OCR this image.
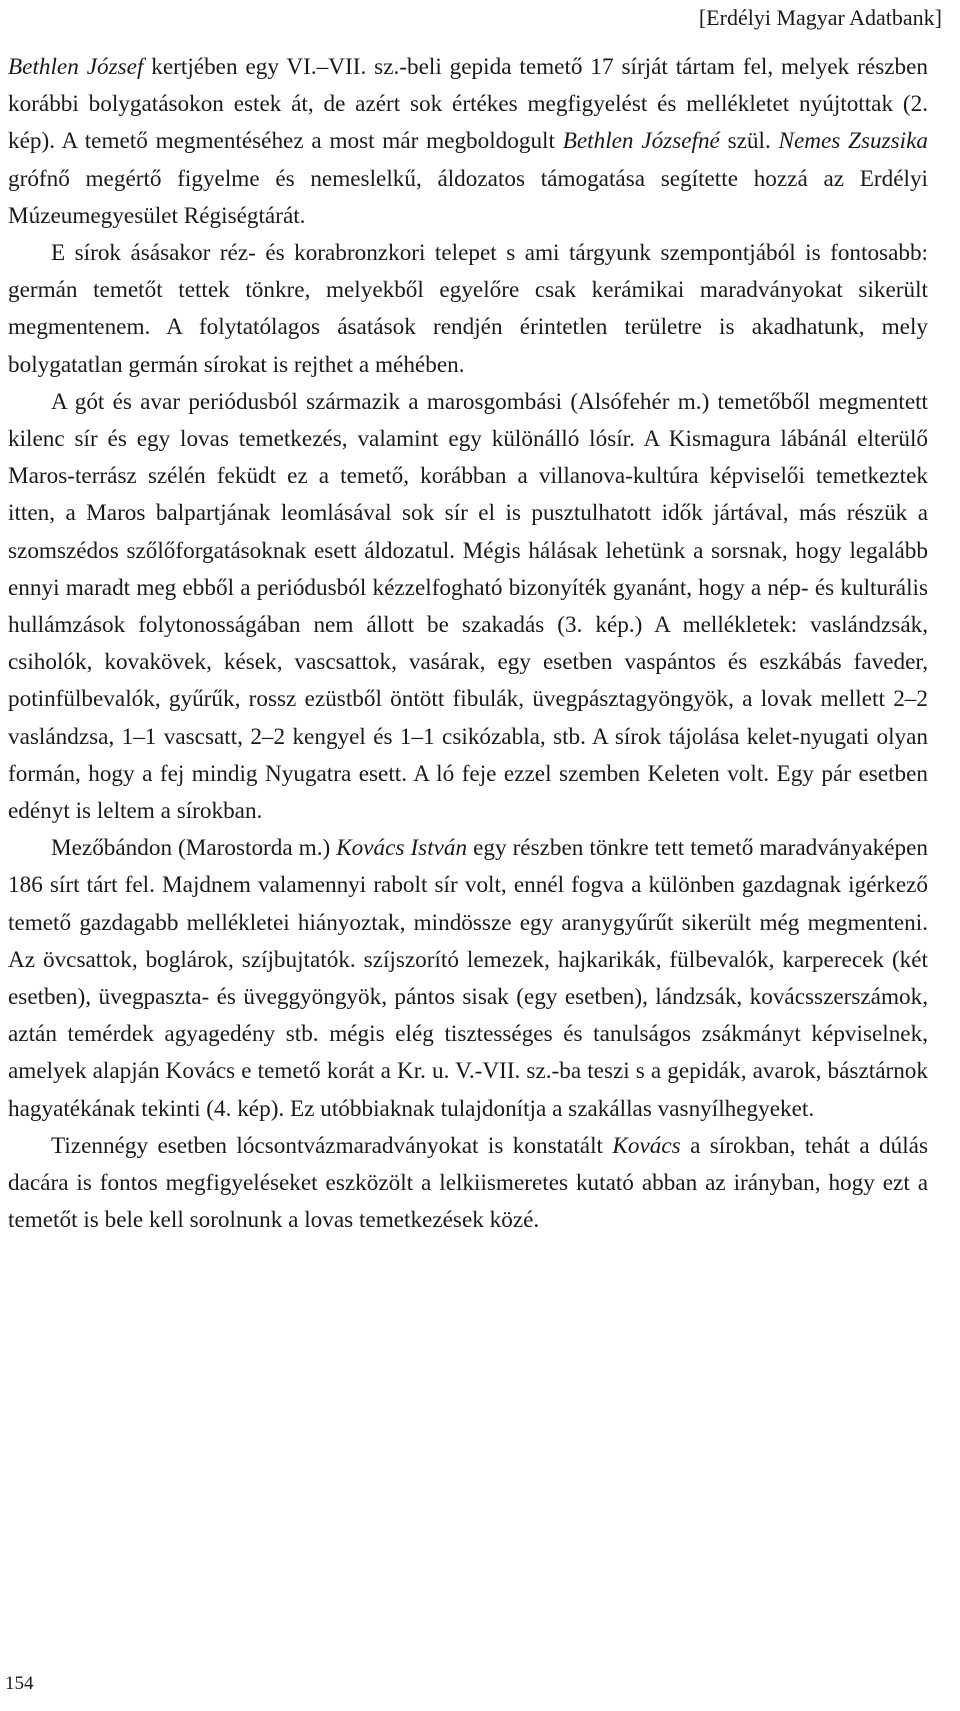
[Erdélyi Magyar Adatbank]

Bethlen József kertjében egy VI.–VII. sz.-beli gepida temető 17 sírját tártam fel, melyek részben korábbi bolygatásokon estek át, de azért sok értékes megfigyelést és mellékletet nyújtottak (2. kép). A temető megmentéséhez a most már megboldogult Bethlen Józsefné szül. Nemes Zsuzsika grófnő megértő figyelme és nemeslelkű, áldozatos támogatása segítette hozzá az Erdélyi Múzeumegyesület Régiségtárát.

E sírok ásásakor réz- és korabronzkori telepet s ami tárgyunk szempontjából is fontosabb: germán temetőt tettek tönkre, melyekből egyelőre csak kerámikai maradványokat sikerült megmentenem. A folytatólagos ásatások rendjén érintetlen területre is akadhatunk, mely bolygatatlan germán sírokat is rejthet a méhében.

A gót és avar periódusból származik a marosgombási (Alsófehér m.) temetőből megmentett kilenc sír és egy lovas temetkezés, valamint egy különálló lósír. A Kismagura lábánál elterülő Maros-terrász szélén feküdt ez a temető, korábban a villanova-kultúra képviselői temetkeztek itten, a Maros balpartjának leomlásával sok sír el is pusztulhatott idők jártával, más részük a szomszédos szőlőforgatásoknak esett áldozatul. Mégis hálásak lehetünk a sorsnak, hogy legalább ennyi maradt meg ebből a periódusból kézzelfogható bizonyíték gyanánt, hogy a nép- és kulturális hullámzások folytonosságában nem állott be szakadás (3. kép.) A mellékletek: vaslándzsák, csiholók, kovakövek, kések, vascsattok, vasárak, egy esetben vaspántos és eszkábás faveder, potinfülbevalók, gyűrűk, rossz ezüstből öntött fibulák, üvegpásztagyöngyök, a lovak mellett 2–2 vaslándzsa, 1–1 vascsatt, 2–2 kengyel és 1–1 csikózabla, stb. A sírok tájolása kelet-nyugati olyan formán, hogy a fej mindig Nyugatra esett. A ló feje ezzel szemben Keleten volt. Egy pár esetben edényt is leltem a sírokban.

Mezőbándon (Marostorda m.) Kovács István egy részben tönkre tett temető maradványaképen 186 sírt tárt fel. Majdnem valamennyi rabolt sír volt, ennél fogva a különben gazdagnak igérkező temető gazdagabb mellékletei hiányoztak, mindössze egy aranygyűrűt sikerült még megmenteni. Az övcsattok, boglárok, szíjbujtatók. szíjszorító lemezek, hajkarikák, fülbevalók, karperecek (két esetben), üvegpaszta- és üveggyöngyök, pántos sisak (egy esetben), lándzsák, kovácsszerszámok, aztán temérdek agyagedény stb. mégis elég tisztességes és tanulságos zsákmányt képviselnek, amelyek alapján Kovács e temető korát a Kr. u. V.-VII. sz.-ba teszi s a gepidák, avarok, básztárnok hagyatékának tekinti (4. kép). Ez utóbbiaknak tulajdonítja a szakállas vasnyílhegyeket.

Tizennégy esetben lócsontvázmaradványokat is konstatált Kovács a sírokban, tehát a dúlás dacára is fontos megfigyeléseket eszközölt a lelkiismeretes kutató abban az irányban, hogy ezt a temetőt is bele kell sorolnunk a lovas temetkezések közé.

154
